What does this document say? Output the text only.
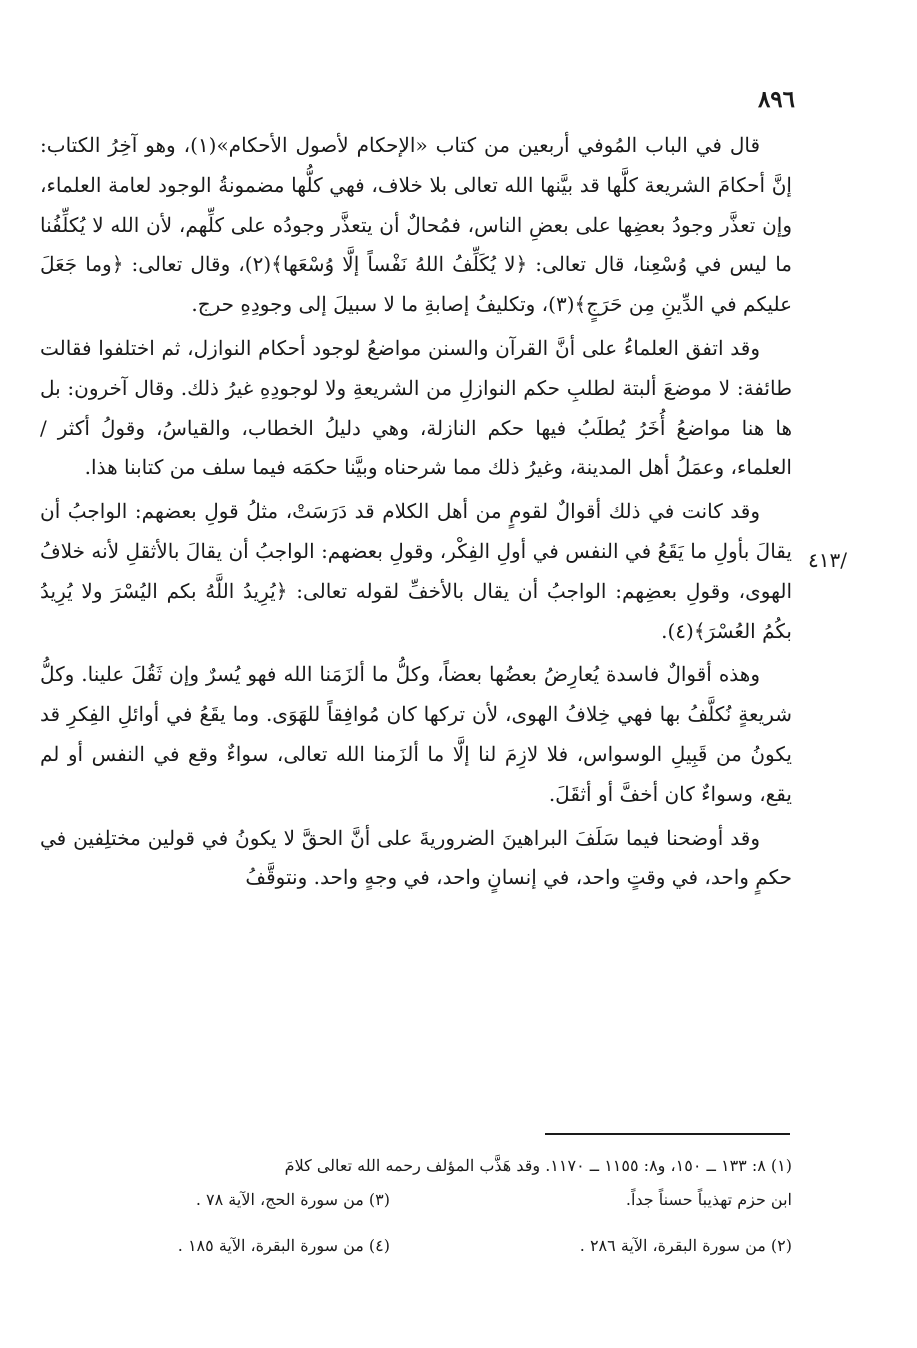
٨٩٦

قال في الباب المُوفي أربعين من كتاب «الإحكام لأصول الأحكام»(١)، وهو آخِرُ الكتاب: إنَّ أحكامَ الشريعة كلَّها قد بيَّنها الله تعالى بلا خلاف، فهي كلُّها مضمونةُ الوجود لعامة العلماء، وإن تعذَّر وجودُ بعضِها على بعضِ الناس، فمُحالٌ أن يتعذَّر وجودُه على كلِّهم، لأن الله لا يُكلِّفُنا ما ليس في وُسْعِنا، قال تعالى: ﴿لا يُكَلِّفُ اللهُ نَفْساً إلَّا وُسْعَها﴾(٢)، وقال تعالى: ﴿وما جَعَلَ عليكم في الدِّينِ مِن حَرَجٍ﴾(٣)، وتكليفُ إصابةِ ما لا سبيلَ إلى وجودِهِ حرج.

وقد اتفق العلماءُ على أنَّ القرآن والسنن مواضعُ لوجود أحكام النوازل، ثم اختلفوا فقالت طائفة: لا موضعَ ألبتة لطلبِ حكم النوازلِ من الشريعةِ ولا لوجودِهِ غيرُ ذلك. وقال آخرون: بل ها هنا مواضعُ أُخَرُ يُطلَبُ فيها حكم النازلة، وهي دليلُ الخطاب، والقياسُ، وقولُ أكثر / العلماء، وعمَلُ أهل المدينة، وغيرُ ذلك مما شرحناه وبيَّنا حكمَه فيما سلف من كتابنا هذا.

وقد كانت في ذلك أقوالٌ لقومٍ من أهل الكلام قد دَرَسَتْ، مثلُ قولِ بعضهم: الواجبُ أن يقالَ بأولِ ما يَقَعُ في النفس في أولِ الفِكْر، وقولِ بعضهم: الواجبُ أن يقالَ بالأثقلِ لأنه خلافُ الهوى، وقولِ بعضِهم: الواجبُ أن يقال بالأخفِّ لقوله تعالى: ﴿يُرِيدُ اللَّهُ بكم اليُسْرَ ولا يُرِيدُ بكُمُ العُسْرَ﴾(٤).

وهذه أقوالٌ فاسدة يُعارِضُ بعضُها بعضاً، وكلُّ ما ألزَمَنا الله فهو يُسرٌ وإن ثَقُلَ علينا. وكلُّ شريعةٍ نُكلَّفُ بها فهي خِلافُ الهوى، لأن تركها كان مُوافِقاً للهَوَى. وما يقَعُ في أوائلِ الفِكرِ قد يكونُ من قَبِيلِ الوسواس، فلا لازِمَ لنا إلَّا ما ألزَمنا الله تعالى، سواءٌ وقع في النفس أو لم يقع، وسواءٌ كان أخفَّ أو أثقَلَ.

وقد أوضحنا فيما سَلَفَ البراهينَ الضروريةَ على أنَّ الحقَّ لا يكونُ في قولين مختلِفين في حكمٍ واحد، في وقتٍ واحد، في إنسانٍ واحد، في وجهٍ واحد. ونتوقَّفُ

٤١٣/
(١) ٨: ١٣٣ ــ ١٥٠، و٨: ١١٥٥ ــ ١١٧٠. وقد هَذَّب المؤلف رحمه الله تعالى كلامَ
ابن حزم تهذيباً حسناً جداً.
(٣) من سورة الحج، الآية ٧٨ .
(٢) من سورة البقرة، الآية ٢٨٦ .
(٤) من سورة البقرة، الآية ١٨٥ .
